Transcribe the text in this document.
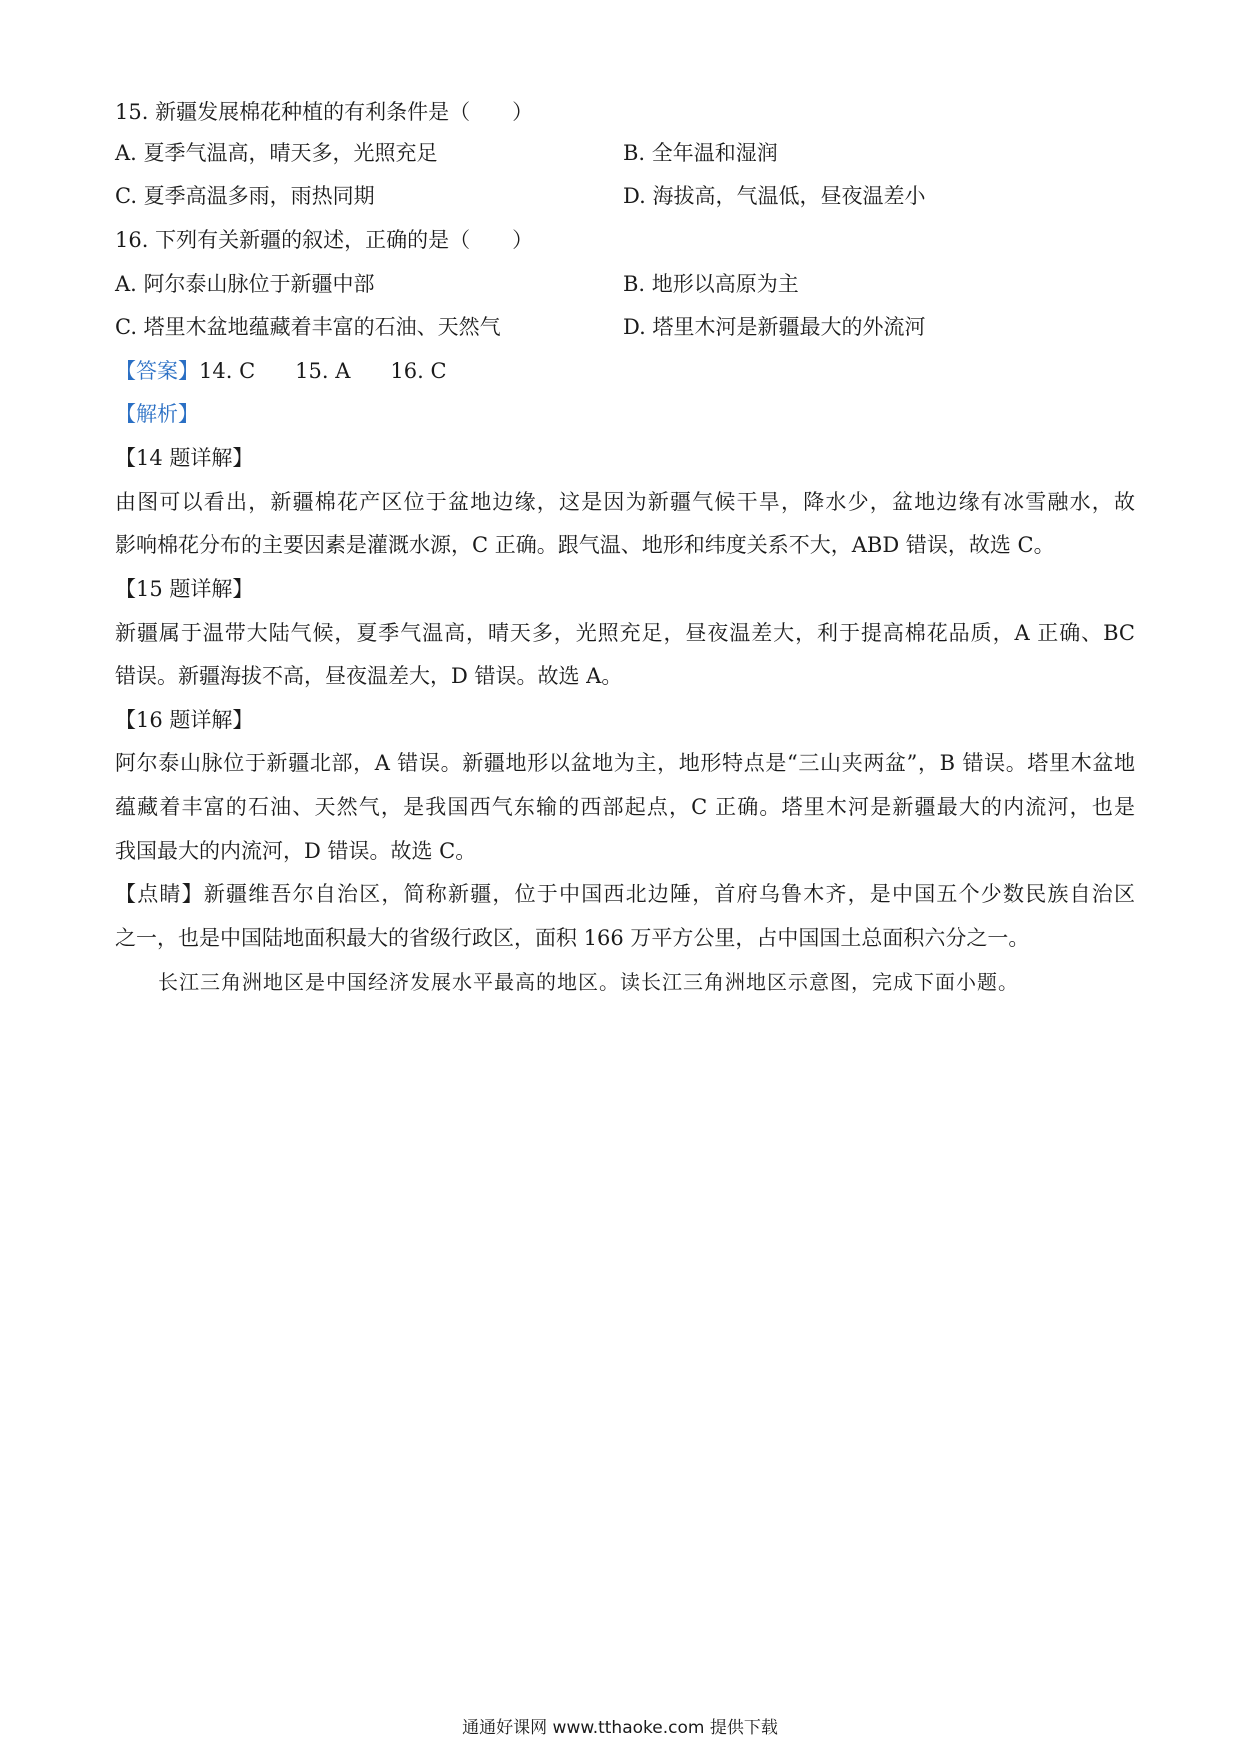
15. 新疆发展棉花种植的有利条件是（　　）
A. 夏季气温高，晴天多，光照充足	B. 全年温和湿润
C. 夏季高温多雨，雨热同期	D. 海拔高，气温低，昼夜温差小
16. 下列有关新疆的叙述，正确的是（　　）
A. 阿尔泰山脉位于新疆中部	B. 地形以高原为主
C. 塔里木盆地蕴藏着丰富的石油、天然气	D. 塔里木河是新疆最大的外流河
【答案】14. C 15. A 16. C
【解析】
【14 题详解】
由图可以看出，新疆棉花产区位于盆地边缘，这是因为新疆气候干旱，降水少，盆地边缘有冰雪融水，故
影响棉花分布的主要因素是灌溉水源，C 正确。跟气温、地形和纬度关系不大，ABD 错误，故选 C。
【15 题详解】
新疆属于温带大陆气候，夏季气温高，晴天多，光照充足，昼夜温差大，利于提高棉花品质，A 正确、BC
错误。新疆海拔不高，昼夜温差大，D 错误。故选 A。
【16 题详解】
阿尔泰山脉位于新疆北部，A 错误。新疆地形以盆地为主，地形特点是“三山夹两盆”，B 错误。塔里木盆地
蕴藏着丰富的石油、天然气，是我国西气东输的西部起点，C 正确。塔里木河是新疆最大的内流河，也是
我国最大的内流河，D 错误。故选 C。
【点睛】新疆维吾尔自治区，简称新疆，位于中国西北边陲，首府乌鲁木齐，是中国五个少数民族自治区
之一，也是中国陆地面积最大的省级行政区，面积 166 万平方公里，占中国国土总面积六分之一。
长江三角洲地区是中国经济发展水平最高的地区。读长江三角洲地区示意图，完成下面小题。
通通好课网 www.tthaoke.com 提供下载
